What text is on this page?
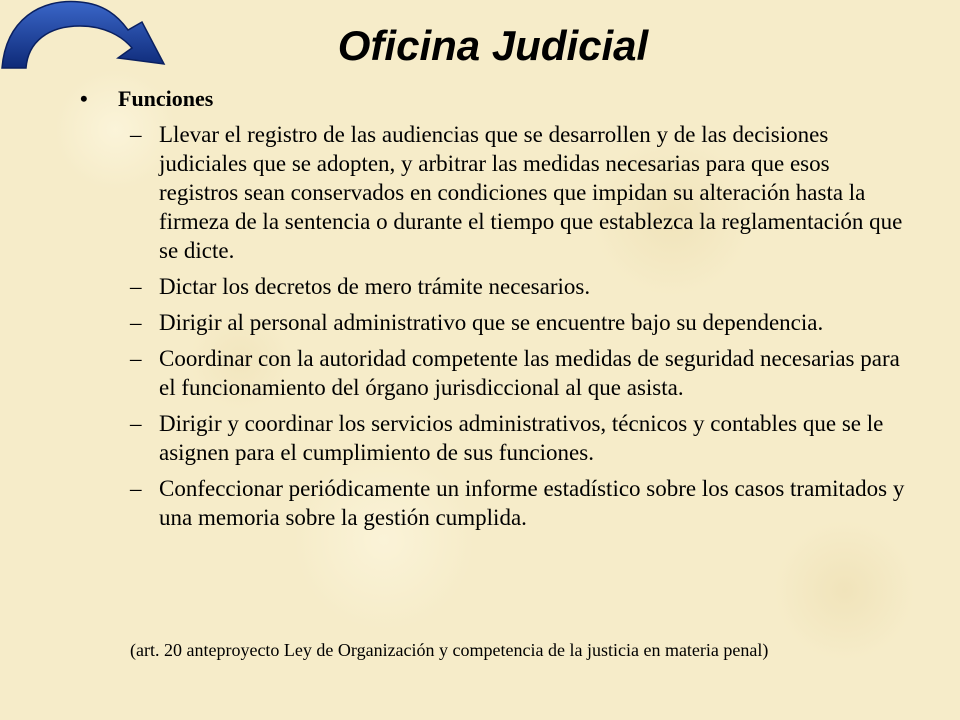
Oficina Judicial
• Funciones
– Llevar el registro de las audiencias que se desarrollen y de las decisiones judiciales que se adopten, y arbitrar las medidas necesarias para que esos registros sean conservados en condiciones que impidan su alteración hasta la firmeza de la sentencia o durante el tiempo que establezca la reglamentación que se dicte.
– Dictar los decretos de mero trámite necesarios.
– Dirigir al personal administrativo que se encuentre bajo su dependencia.
– Coordinar con la autoridad competente las medidas de seguridad necesarias para el funcionamiento del órgano jurisdiccional al que asista.
– Dirigir y coordinar los servicios administrativos, técnicos y contables que se le asignen para el cumplimiento de sus funciones.
– Confeccionar periódicamente un informe estadístico sobre los casos tramitados y una memoria sobre la gestión cumplida.
(art. 20 anteproyecto Ley de Organización y competencia de la justicia en materia penal)
